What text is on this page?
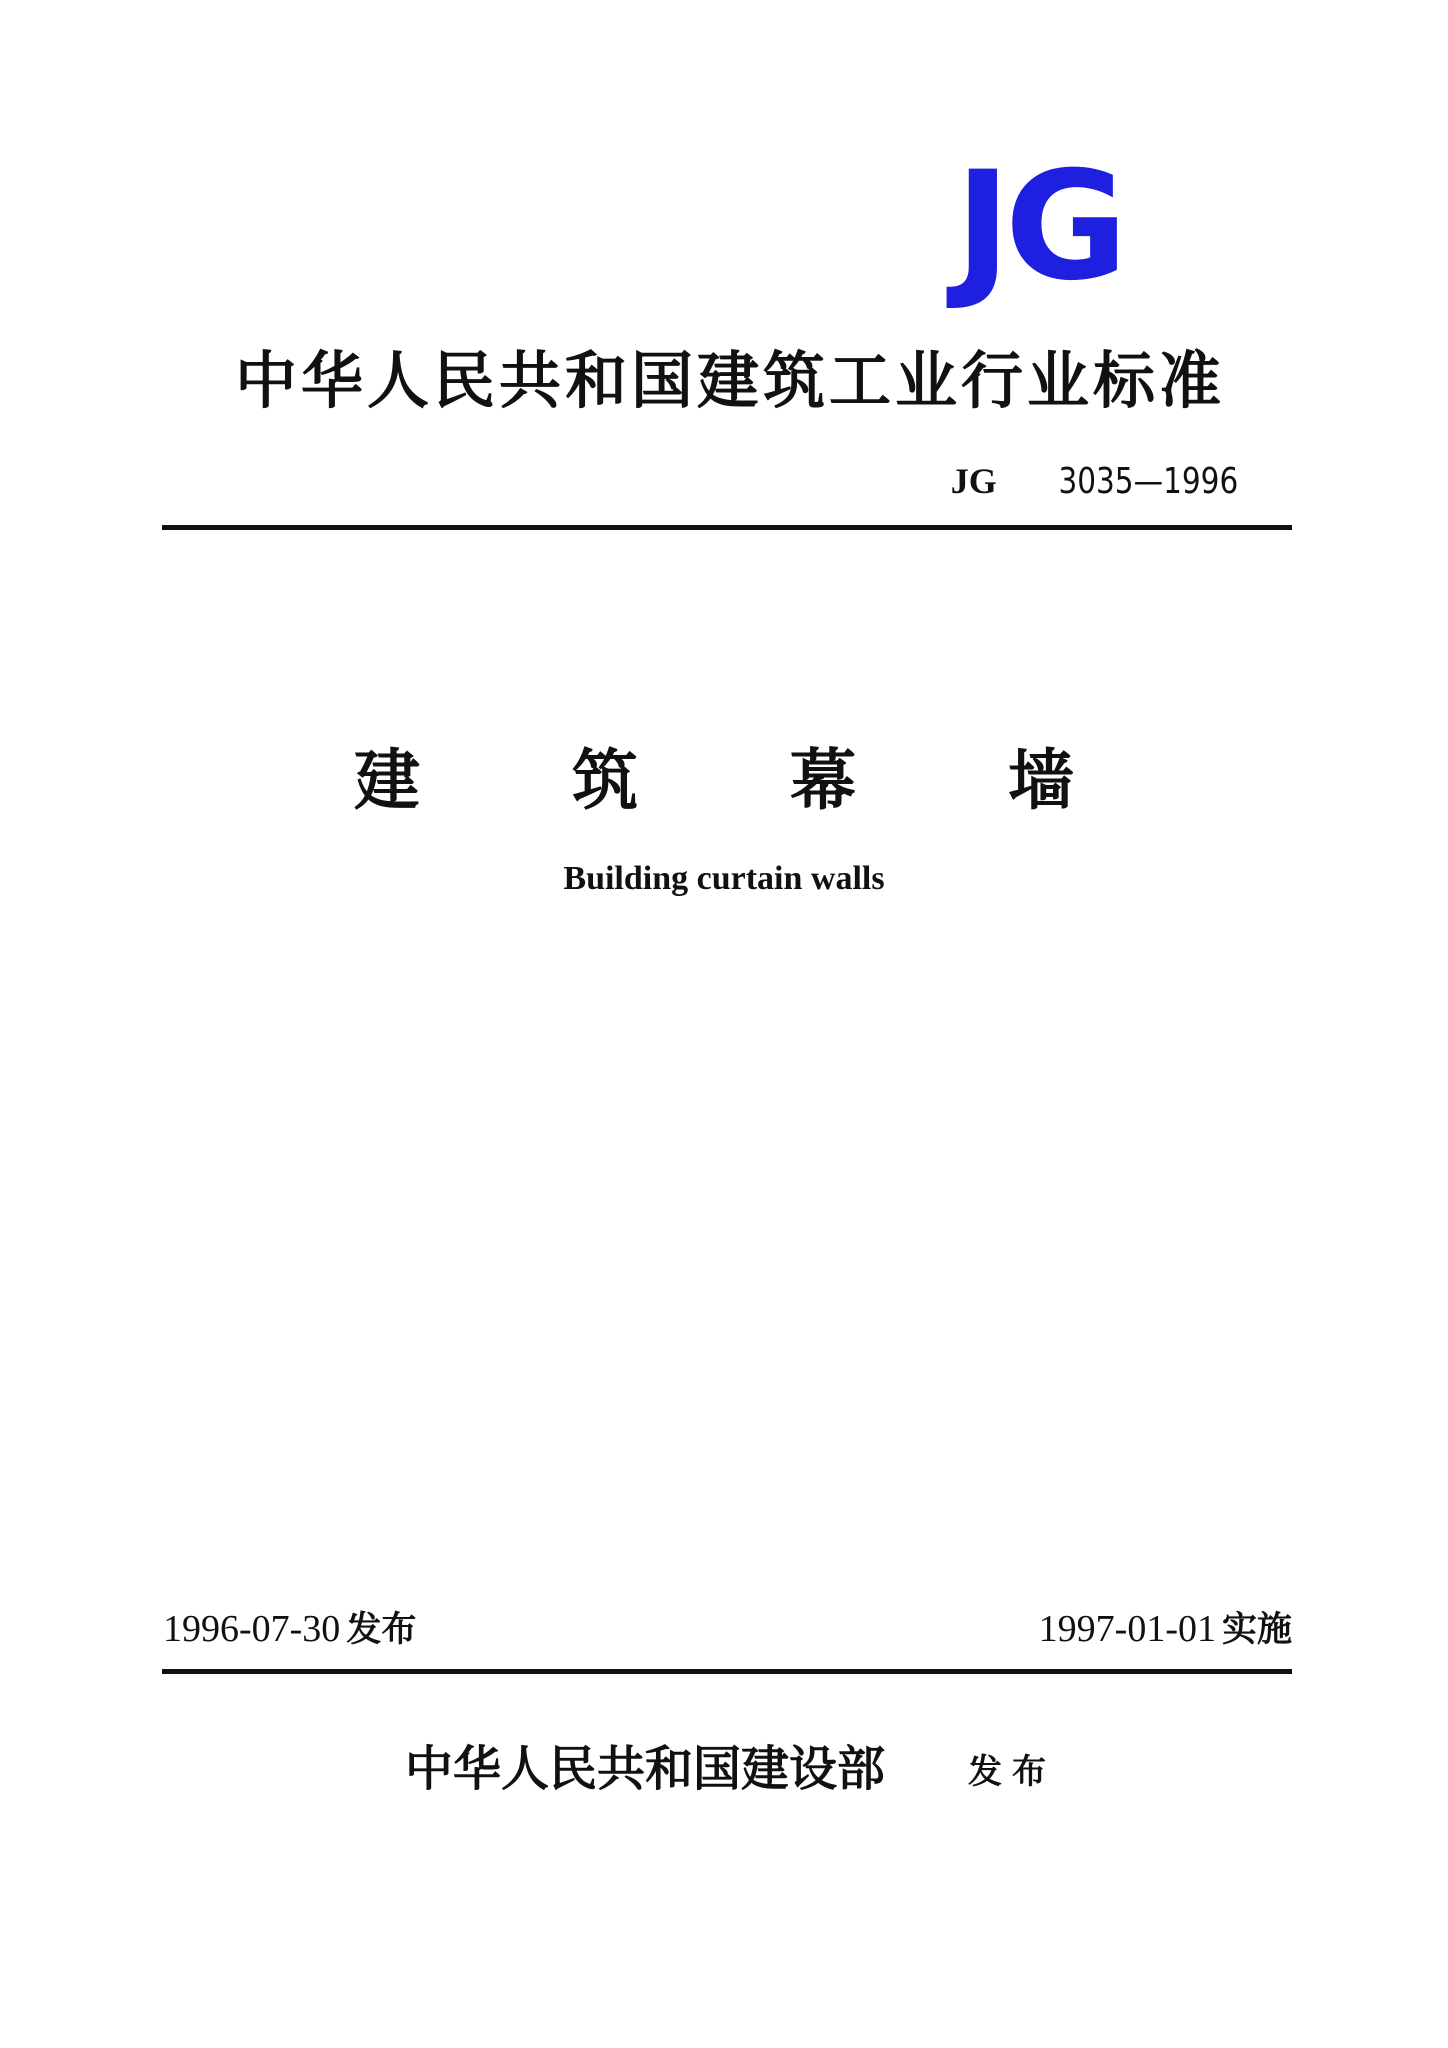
JG
中华人民共和国建筑工业行业标准
JG 3035—1996
建筑幕墙
Building curtain walls
1996-07-30 发布	1997-01-01 实施
中华人民共和国建设部 发布
